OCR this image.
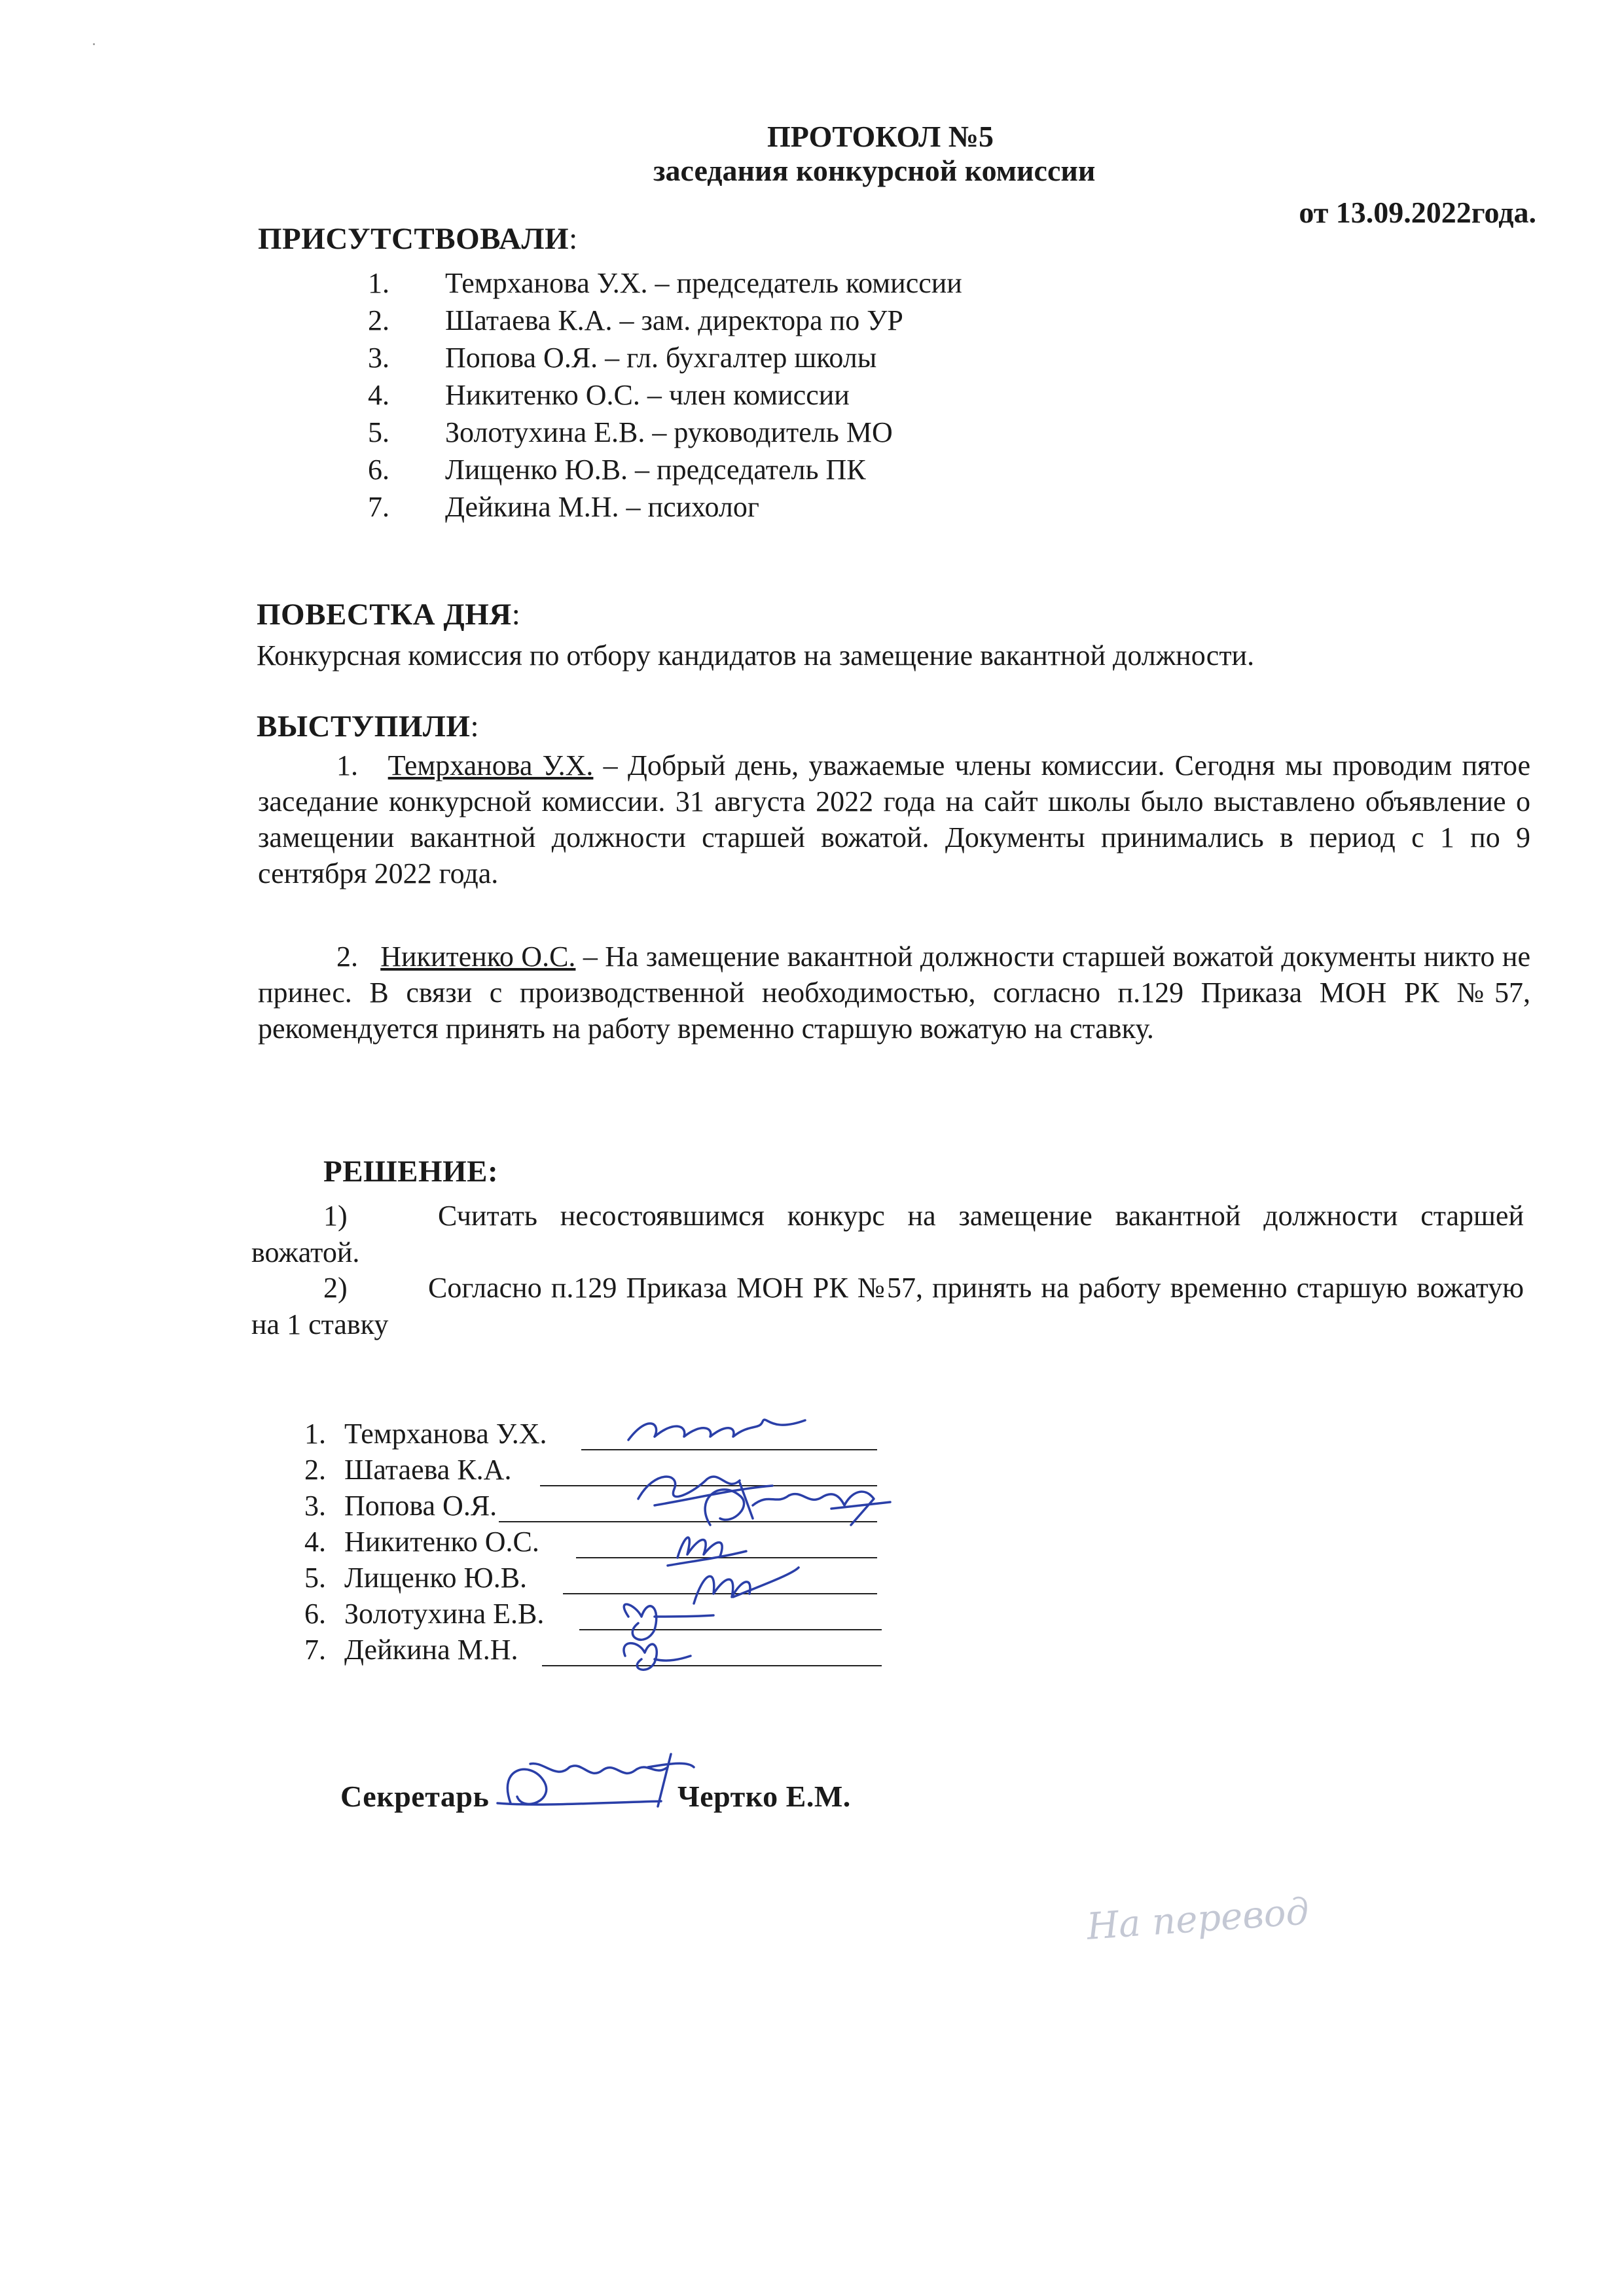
ПРОТОКОЛ №5
заседания конкурсной комиссии
от 13.09.2022года.
ПРИСУТСТВОВАЛИ:
1. Темрханова У.Х. – председатель комиссии
2. Шатаева К.А. – зам. директора по УР
3. Попова О.Я. – гл. бухгалтер школы
4. Никитенко О.С. – член комиссии
5. Золотухина Е.В. – руководитель МО
6. Лищенко Ю.В. – председатель ПК
7. Дейкина М.Н. – психолог
ПОВЕСТКА ДНЯ:
Конкурсная комиссия по отбору кандидатов на замещение вакантной должности.
ВЫСТУПИЛИ:
1. Темрханова У.Х. – Добрый день, уважаемые члены комиссии. Сегодня мы проводим пятое заседание конкурсной комиссии. 31 августа 2022 года на сайт школы было выставлено объявление о замещении вакантной должности старшей вожатой. Документы принимались в период с 1 по 9 сентября 2022 года.
2. Никитенко О.С. – На замещение вакантной должности старшей вожатой документы никто не принес. В связи с производственной необходимостью, согласно п.129 Приказа МОН РК №57, рекомендуется принять на работу временно старшую вожатую на ставку.
РЕШЕНИЕ:
1)	Считать несостоявшимся конкурс на замещение вакантной должности старшей вожатой.
2)	Согласно п.129 Приказа МОН РК №57, принять на работу временно старшую вожатую на 1 ставку
1. Темрханова У.Х.
2. Шатаева К.А.
3. Попова О.Я.
4. Никитенко О.С.
5. Лищенко Ю.В.
6. Золотухина Е.В.
7. Дейкина М.Н.
Секретарь	Чертко Е.М.
На перевод
